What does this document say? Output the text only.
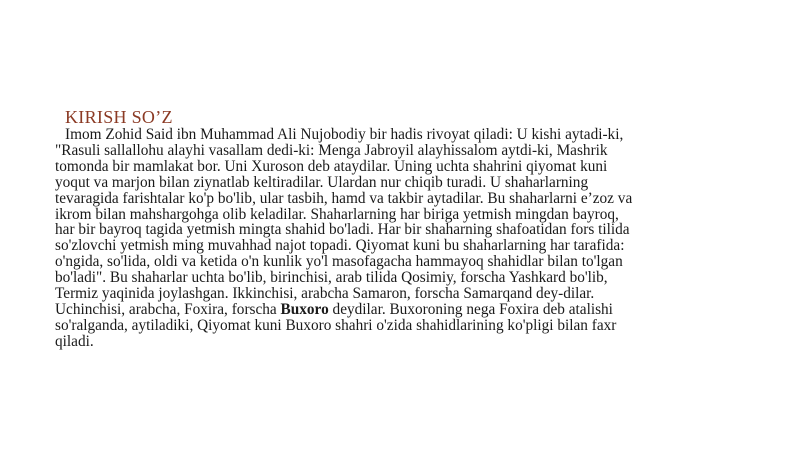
KIRISH SO’Z
Imom Zohid Said ibn Muhammad Ali Nujobodiy bir hadis rivoyat qiladi: U kishi aytadi-ki,
"Rasuli sallallohu alayhi vasallam dedi-ki: Menga Jabroyil alayhissalom aytdi-ki, Mashrik
tomonda bir mamlakat bor. Uni Xuroson deb ataydilar. Uning uchta shahrini qiyomat kuni
yoqut va marjon bilan ziynatlab keltiradilar. Ulardan nur chiqib turadi. U shaharlarning
tevaragida farishtalar ko'p bo'lib, ular tasbih, hamd va takbir aytadilar. Bu shaharlarni e’zoz va
ikrom bilan mahshargohga olib keladilar. Shaharlarning har biriga yetmish mingdan bayroq,
har bir bayroq tagida yetmish mingta shahid bo'ladi. Har bir shaharning shafoatidan fors tilida
so'zlovchi yetmish ming muvahhad najot topadi. Qiyomat kuni bu shaharlarning har tarafida:
o'ngida, so'lida, oldi va ketida o'n kunlik yo'l masofagacha hammayoq shahidlar bilan to'lgan
bo'ladi". Bu shaharlar uchta bo'lib, birinchisi, arab tilida Qosimiy, forscha Yashkard bo'lib,
Termiz yaqinida joylashgan. Ikkinchisi, arabcha Samaron, forscha Samarqand dey-dilar.
Uchinchisi, arabcha, Foxira, forscha Buxoro deydilar. Buxoroning nega Foxira deb atalishi
so'ralganda, aytiladiki, Qiyomat kuni Buxoro shahri o'zida shahidlarining ko'pligi bilan faxr
qiladi.
